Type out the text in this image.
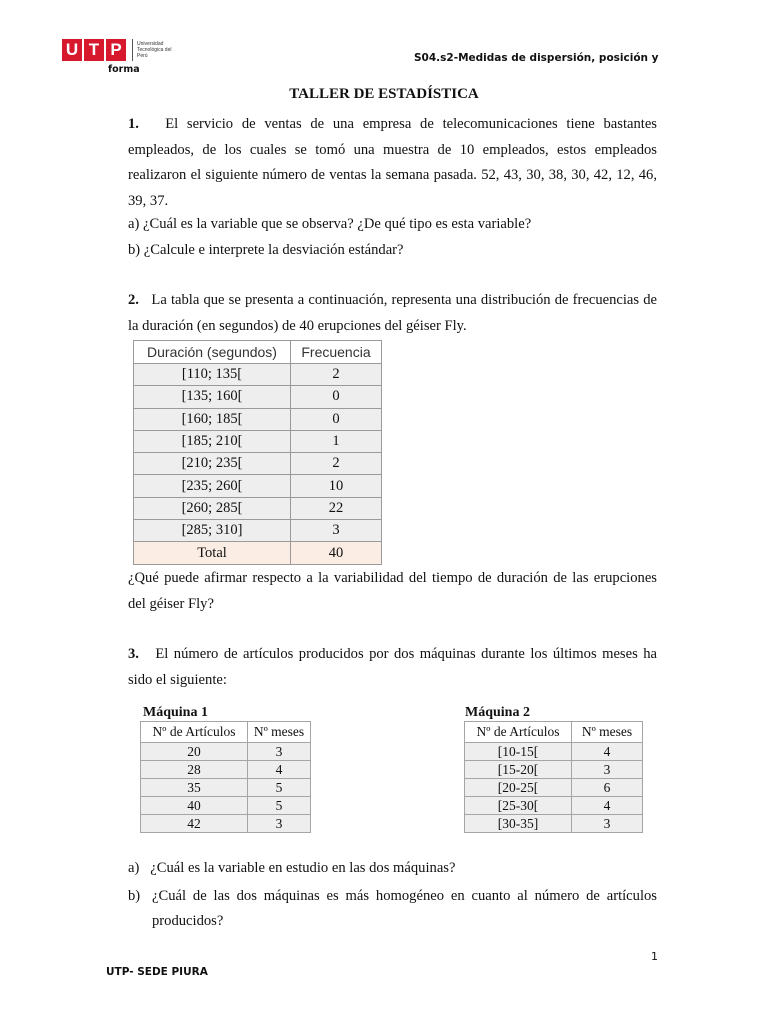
U T P	Universidad Tecnológica del Perú
forma
S04.s2-Medidas de dispersión, posición y
TALLER DE ESTADÍSTICA
1. El servicio de ventas de una empresa de telecomunicaciones tiene bastantes empleados, de los cuales se tomó una muestra de 10 empleados, estos empleados realizaron el siguiente número de ventas la semana pasada. 52, 43, 30, 38, 30, 42, 12, 46, 39, 37.
a) ¿Cuál es la variable que se observa? ¿De qué tipo es esta variable?
b) ¿Calcule e interprete la desviación estándar?
2. La tabla que se presenta a continuación, representa una distribución de frecuencias de la duración (en segundos) de 40 erupciones del géiser Fly.
Duración (segundos)	Frecuencia
[110; 135[	2
[135; 160[	0
[160; 185[	0
[185; 210[	1
[210; 235[	2
[235; 260[	10
[260; 285[	22
[285; 310]	3
Total	40
¿Qué puede afirmar respecto a la variabilidad del tiempo de duración de las erupciones del géiser Fly?
3. El número de artículos producidos por dos máquinas durante los últimos meses ha sido el siguiente:
Máquina 1
Nº de Artículos	Nº meses
20	3
28	4
35	5
40	5
42	3
Máquina 2
Nº de Artículos	Nº meses
[10-15[	4
[15-20[	3
[20-25[	6
[25-30[	4
[30-35]	3
a) ¿Cuál es la variable en estudio en las dos máquinas?
b) ¿Cuál de las dos máquinas es más homogéneo en cuanto al número de artículos producidos?
1
UTP- SEDE PIURA
